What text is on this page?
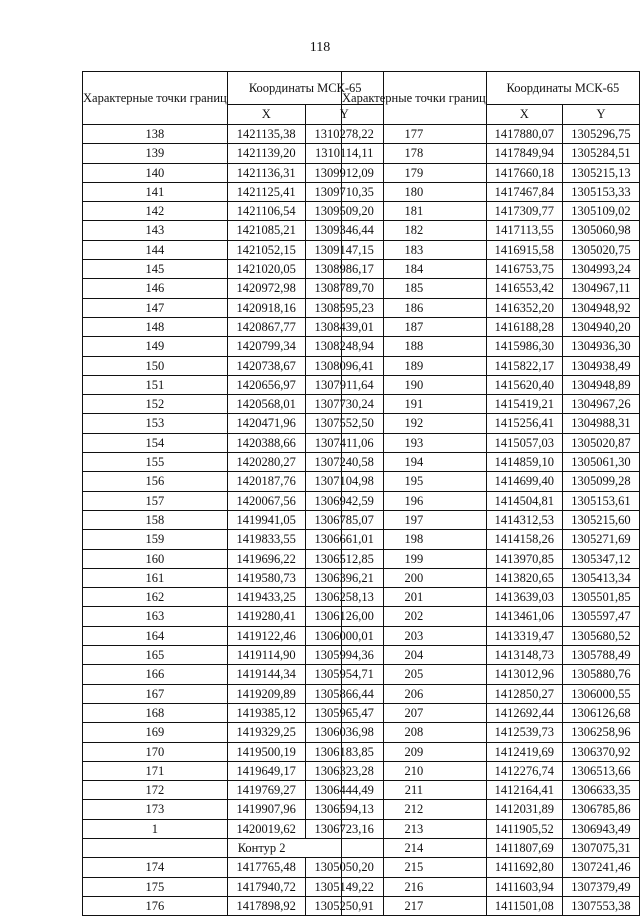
118
Характерные точки границ	Координаты МСК-65	
	X	Y
138	1421135,38	1310278,22
139	1421139,20	1310114,11
140	1421136,31	1309912,09
141	1421125,41	1309710,35
142	1421106,54	1309509,20
143	1421085,21	1309346,44
144	1421052,15	1309147,15
145	1421020,05	1308986,17
146	1420972,98	1308789,70
147	1420918,16	1308595,23
148	1420867,77	1308439,01
149	1420799,34	1308248,94
150	1420738,67	1308096,41
151	1420656,97	1307911,64
152	1420568,01	1307730,24
153	1420471,96	1307552,50
154	1420388,66	1307411,06
155	1420280,27	1307240,58
156	1420187,76	1307104,98
157	1420067,56	1306942,59
158	1419941,05	1306785,07
159	1419833,55	1306661,01
160	1419696,22	1306512,85
161	1419580,73	1306396,21
162	1419433,25	1306258,13
163	1419280,41	1306126,00
164	1419122,46	1306000,01
165	1419114,90	1305994,36
166	1419144,34	1305954,71
167	1419209,89	1305866,44
168	1419385,12	1305965,47
169	1419329,25	1306036,98
170	1419500,19	1306183,85
171	1419649,17	1306323,28
172	1419769,27	1306444,49
173	1419907,96	1306594,13
1	1420019,62	1306723,16

	Контур 2	

174	1417765,48	1305050,20
175	1417940,72	1305149,22
176	1417898,92	1305250,91
Характерные точки границ	Координаты МСК-65	
	X	Y
177	1417880,07	1305296,75
178	1417849,94	1305284,51
179	1417660,18	1305215,13
180	1417467,84	1305153,33
181	1417309,77	1305109,02
182	1417113,55	1305060,98
183	1416915,58	1305020,75
184	1416753,75	1304993,24
185	1416553,42	1304967,11
186	1416352,20	1304948,92
187	1416188,28	1304940,20
188	1415986,30	1304936,30
189	1415822,17	1304938,49
190	1415620,40	1304948,89
191	1415419,21	1304967,26
192	1415256,41	1304988,31
193	1415057,03	1305020,87
194	1414859,10	1305061,30
195	1414699,40	1305099,28
196	1414504,81	1305153,61
197	1414312,53	1305215,60
198	1414158,26	1305271,69
199	1413970,85	1305347,12
200	1413820,65	1305413,34
201	1413639,03	1305501,85
202	1413461,06	1305597,47
203	1413319,47	1305680,52
204	1413148,73	1305788,49
205	1413012,96	1305880,76
206	1412850,27	1306000,55
207	1412692,44	1306126,68
208	1412539,73	1306258,96
209	1412419,69	1306370,92
210	1412276,74	1306513,66
211	1412164,41	1306633,35
212	1412031,89	1306785,86
213	1411905,52	1306943,49
214	1411807,69	1307075,31
215	1411692,80	1307241,46
216	1411603,94	1307379,49
217	1411501,08	1307553,38
